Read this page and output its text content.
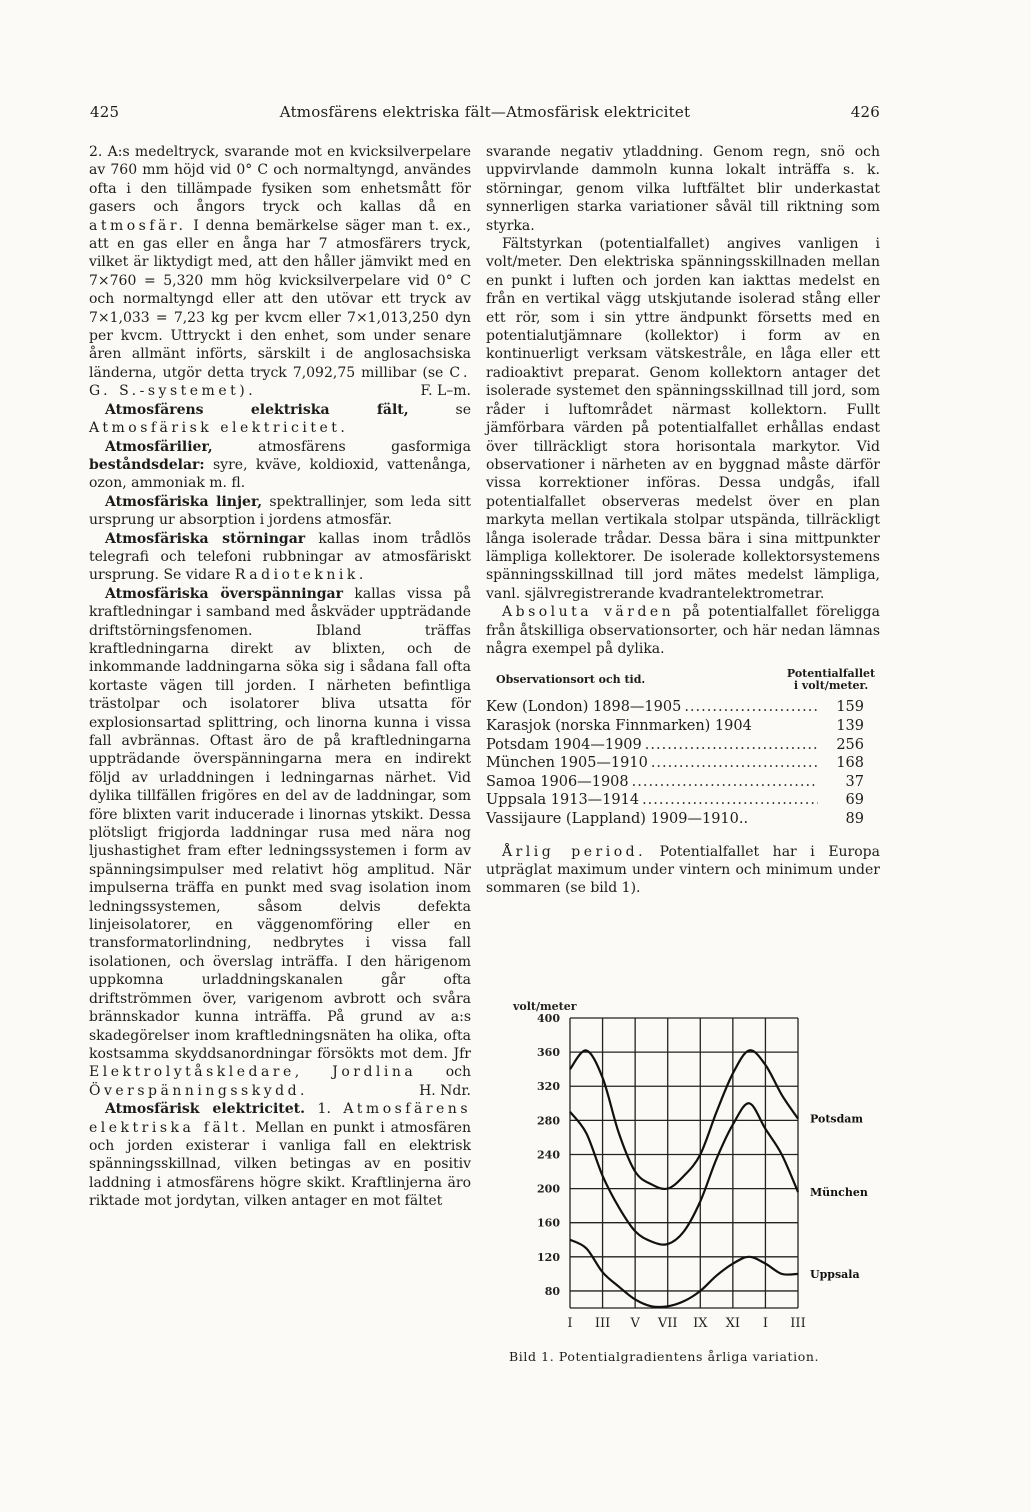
425	Atmosfärens elektriska fält—Atmosfärisk elektricitet	426

2. A:s medeltryck, svarande mot en kvicksilverpelare av 760 mm höjd vid 0° C och normaltyngd, användes ofta i den tillämpade fysiken som enhetsmått för gasers och ångors tryck och kallas då en atmosfär. I denna bemärkelse säger man t. ex., att en gas eller en ånga har 7 atmosfärers tryck, vilket är liktydigt med, att den håller jämvikt med en 7×760 = 5,320 mm hög kvicksilverpelare vid 0° C och normaltyngd eller att den utövar ett tryck av 7×1,033 = 7,23 kg per kvcm eller 7×1,013,250 dyn per kvcm. Uttryckt i den enhet, som under senare åren allmänt införts, särskilt i de anglosachsiska länderna, utgör detta tryck 7,092,75 millibar (se C. G. S.-systemet).	F. L–m.

Atmosfärens elektriska fält,	se Atmosfärisk elektricitet.

Atmosfärilier,	atmosfärens gasformiga beståndsdelar: syre, kväve, koldioxid, vattenånga, ozon, ammoniak m. fl.

Atmosfäriska linjer, spektrallinjer, som leda sitt ursprung ur absorption i jordens atmosfär.

Atmosfäriska störningar kallas inom trådlös telegrafi och telefoni rubbningar av atmosfäriskt ursprung. Se vidare Radioteknik.

Atmosfäriska överspänningar kallas vissa på kraftledningar i samband med åskväder uppträdande driftstörningsfenomen. Ibland träffas kraftledningarna direkt av blixten, och de inkommande laddningarna söka sig i sådana fall ofta kortaste vägen till jorden. I närheten befintliga trästolpar och isolatorer bliva utsatta för explosionsartad splittring, och linorna kunna i vissa fall avbrännas. Oftast äro de på kraftledningarna uppträdande överspänningarna mera en indirekt följd av urladdningen i ledningarnas närhet. Vid dylika tillfällen frigöres en del av de laddningar, som före blixten varit inducerade i linornas ytskikt. Dessa plötsligt frigjorda laddningar rusa med nära nog ljushastighet fram efter ledningssystemen i form av spänningsimpulser med relativt hög amplitud. När impulserna träffa en punkt med svag isolation inom ledningssystemen, såsom delvis defekta linjeisolatorer, en väggenomföring eller en transformatorlindning, nedbrytes i vissa fall isolationen, och överslag inträffa. I den härigenom uppkomna urladdningskanalen går ofta driftströmmen över, varigenom avbrott och svåra brännskador kunna inträffa. På grund av a:s skadegörelser inom kraftledningsnäten ha olika, ofta kostsamma skyddsanordningar försökts mot dem. Jfr Elektrolytåskledare, Jordlina och Överspänningsskydd.	H. Ndr.

Atmosfärisk elektricitet. 1. Atmosfärens elektriska fält. Mellan en punkt i atmosfären och jorden existerar i vanliga fall en elektrisk spänningsskillnad, vilken betingas av en positiv laddning i atmosfärens högre skikt. Kraftlinjerna äro riktade mot jordytan, vilken antager en mot fältet

svarande negativ ytladdning. Genom regn, snö och uppvirvlande dammoln kunna lokalt inträffa s. k. störningar, genom vilka luftfältet blir underkastat synnerligen starka variationer såväl till riktning som styrka.

Fältstyrkan (potentialfallet) angives vanligen i volt/meter. Den elektriska spänningsskillnaden mellan en punkt i luften och jorden kan iakttas medelst en från en vertikal vägg utskjutande isolerad stång eller ett rör, som i sin yttre ändpunkt försetts med en potentialutjämnare (kollektor) i form av en kontinuerligt verksam vätskestråle, en låga eller ett radioaktivt preparat. Genom kollektorn antager det isolerade systemet den spänningsskillnad till jord, som råder i luftområdet närmast kollektorn. Fullt jämförbara värden på potentialfallet erhållas endast över tillräckligt stora horisontala markytor. Vid observationer i närheten av en byggnad måste därför vissa korrektioner införas. Dessa undgås, ifall potentialfallet observeras medelst över en plan markyta mellan vertikala stolpar utspända, tillräckligt långa isolerade trådar. Dessa bära i sina mittpunkter lämpliga kollektorer. De isolerade kollektorsystemens spänningsskillnad till jord mätes medelst lämpliga, vanl. självregistrerande kvadrantelektrometrar.

Absoluta värden på potentialfallet föreligga från åtskilliga observationsorter, och här nedan lämnas några exempel på dylika.

Observationsort och tid.	Potentialfallet
i volt/meter.
Kew (London) 1898—1905 .....	159
Karasjok (norska Finnmarken) 1904	139
Potsdam 1904—1909 .....	256
München 1905—1910 .....	168
Samoa 1906—1908 .....	37
Uppsala 1913—1914 .....	69
Vassijaure (Lappland) 1909—1910..	89

Årlig period. Potentialfallet har i Europa utpräglat maximum under vintern och minimum under sommaren (se bild 1).

400
360
320
280
240
200
160
120
80
volt/meter
I III V VII IX XI I III
Potsdam
München
Uppsala
Bild 1. Potentialgradientens årliga variation.
